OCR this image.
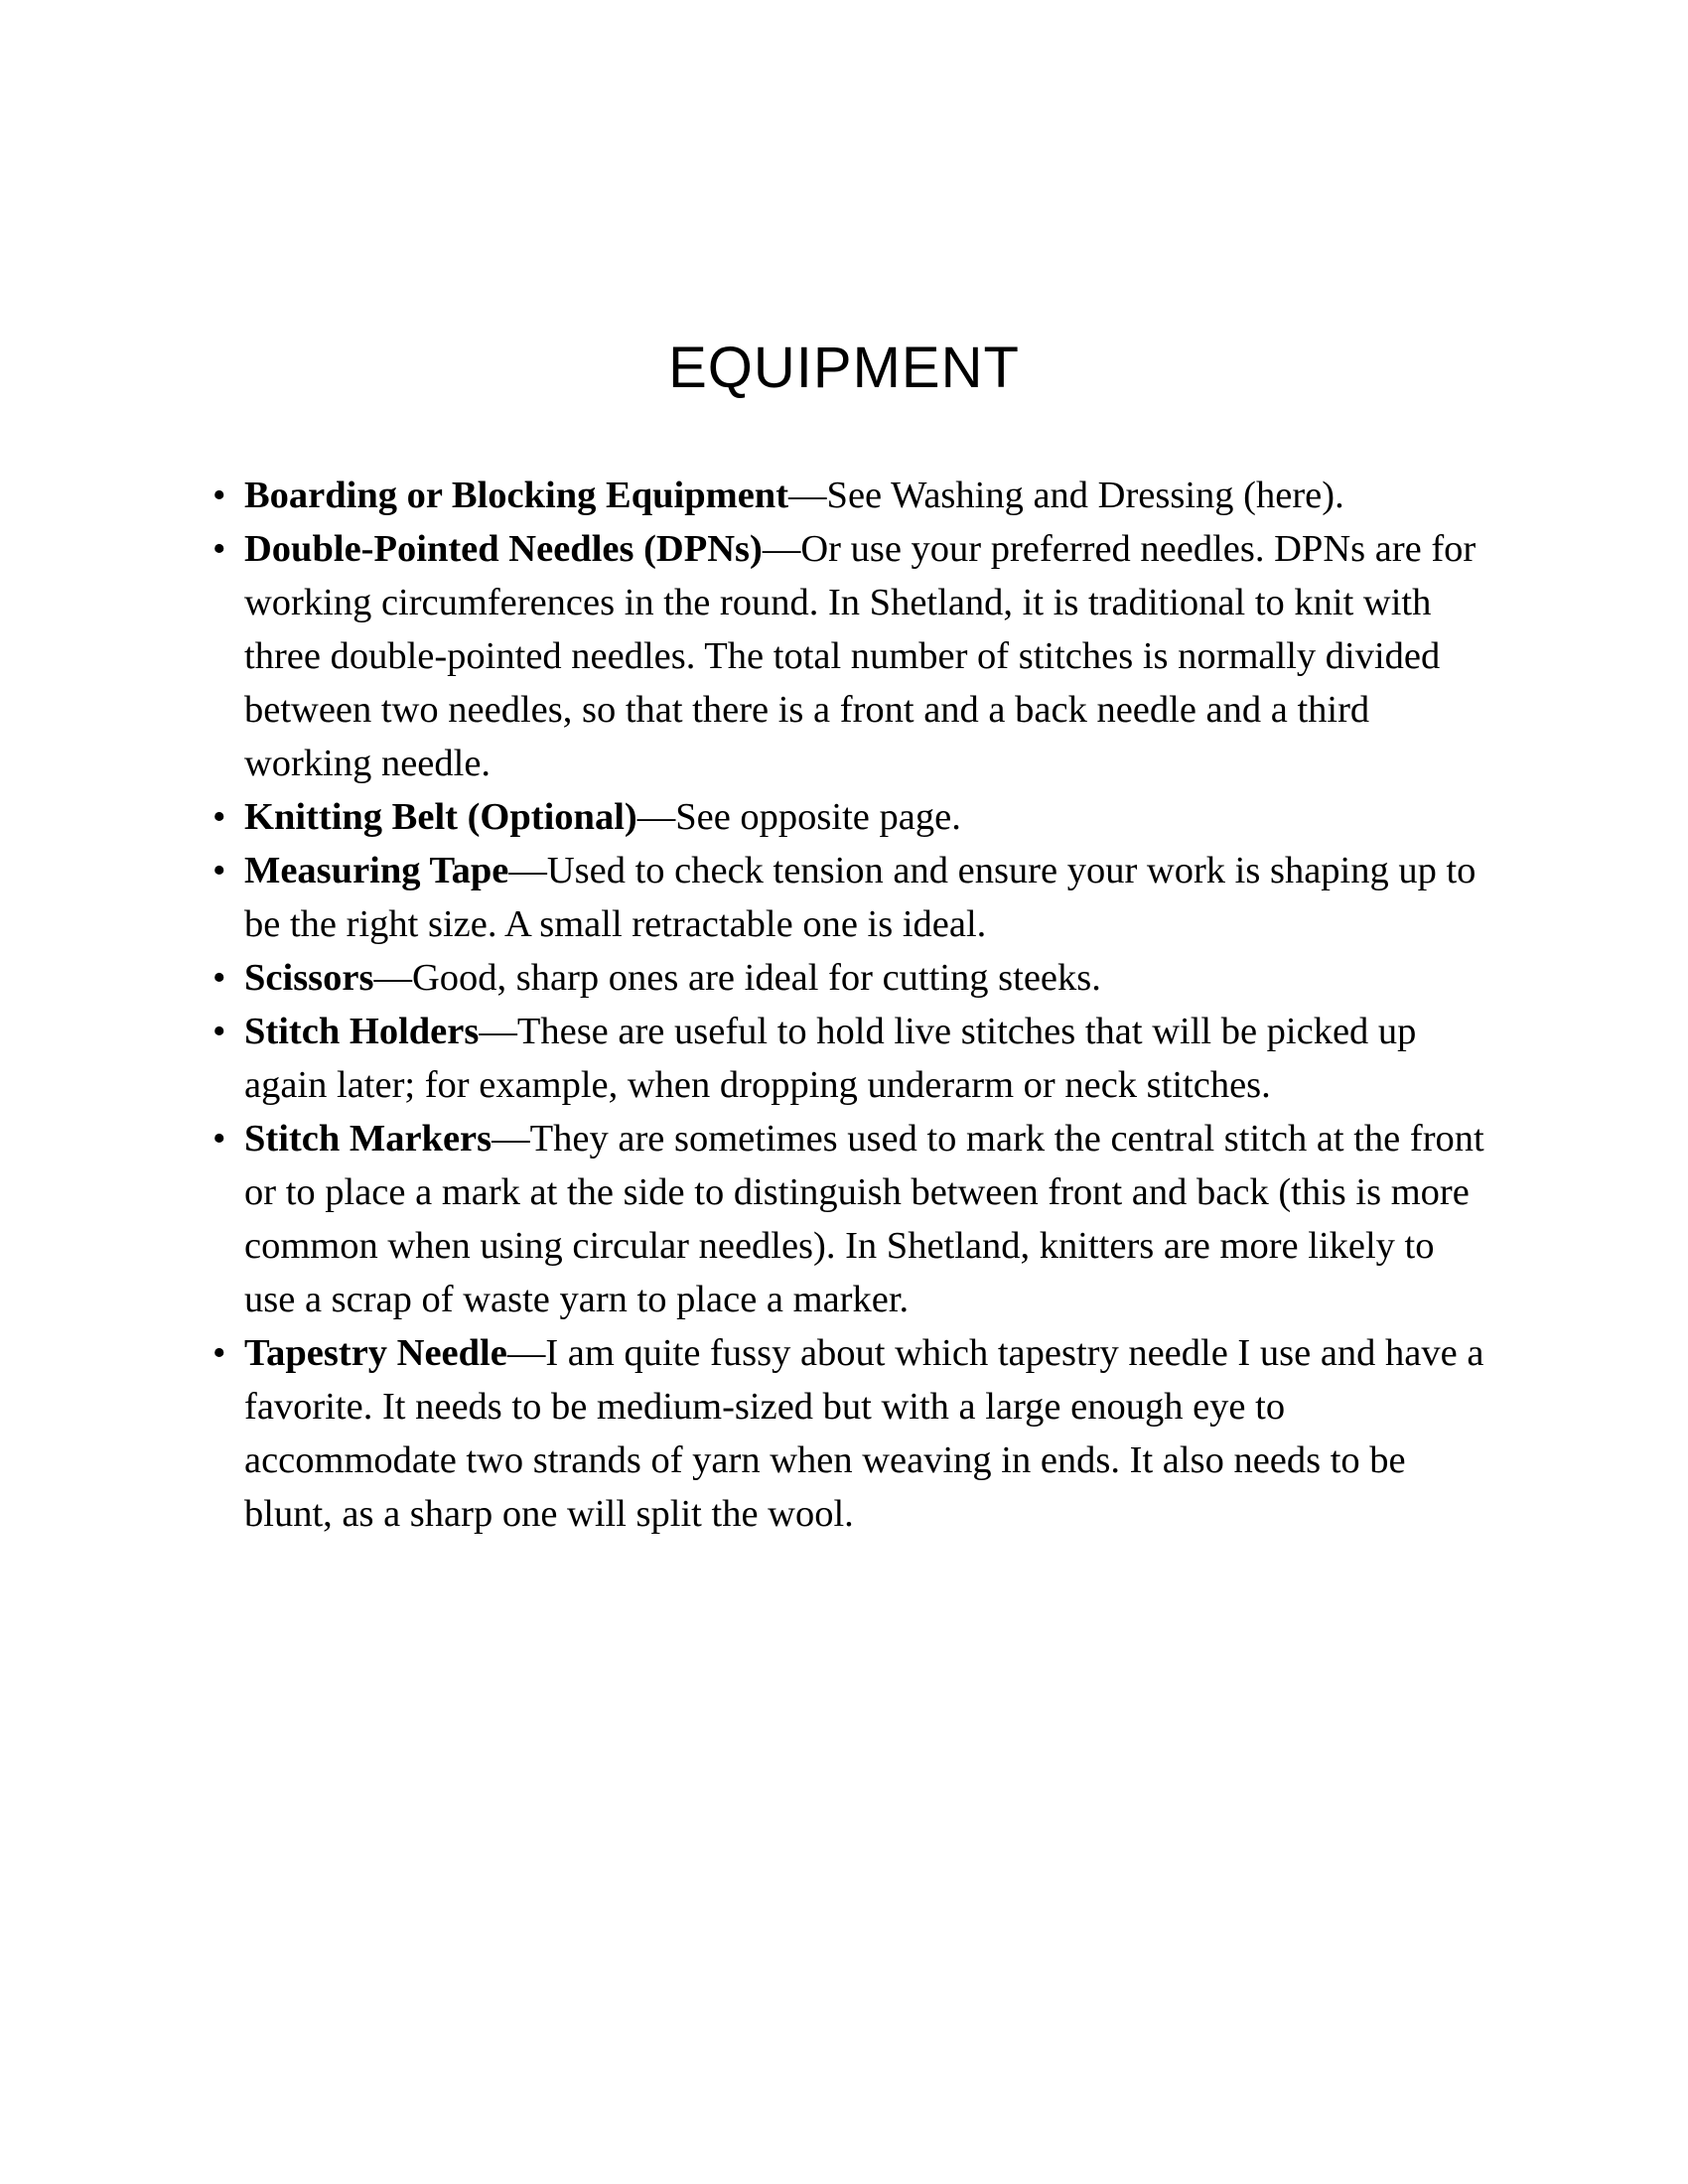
EQUIPMENT
• Boarding or Blocking Equipment—See Washing and Dressing (here).
• Double-Pointed Needles (DPNs)—Or use your preferred needles. DPNs are for working circumferences in the round. In Shetland, it is traditional to knit with three double-pointed needles. The total number of stitches is normally divided between two needles, so that there is a front and a back needle and a third working needle.
• Knitting Belt (Optional)—See opposite page.
• Measuring Tape—Used to check tension and ensure your work is shaping up to be the right size. A small retractable one is ideal.
• Scissors—Good, sharp ones are ideal for cutting steeks.
• Stitch Holders—These are useful to hold live stitches that will be picked up again later; for example, when dropping underarm or neck stitches.
• Stitch Markers—They are sometimes used to mark the central stitch at the front or to place a mark at the side to distinguish between front and back (this is more common when using circular needles). In Shetland, knitters are more likely to use a scrap of waste yarn to place a marker.
• Tapestry Needle—I am quite fussy about which tapestry needle I use and have a favorite. It needs to be medium-sized but with a large enough eye to accommodate two strands of yarn when weaving in ends. It also needs to be blunt, as a sharp one will split the wool.
